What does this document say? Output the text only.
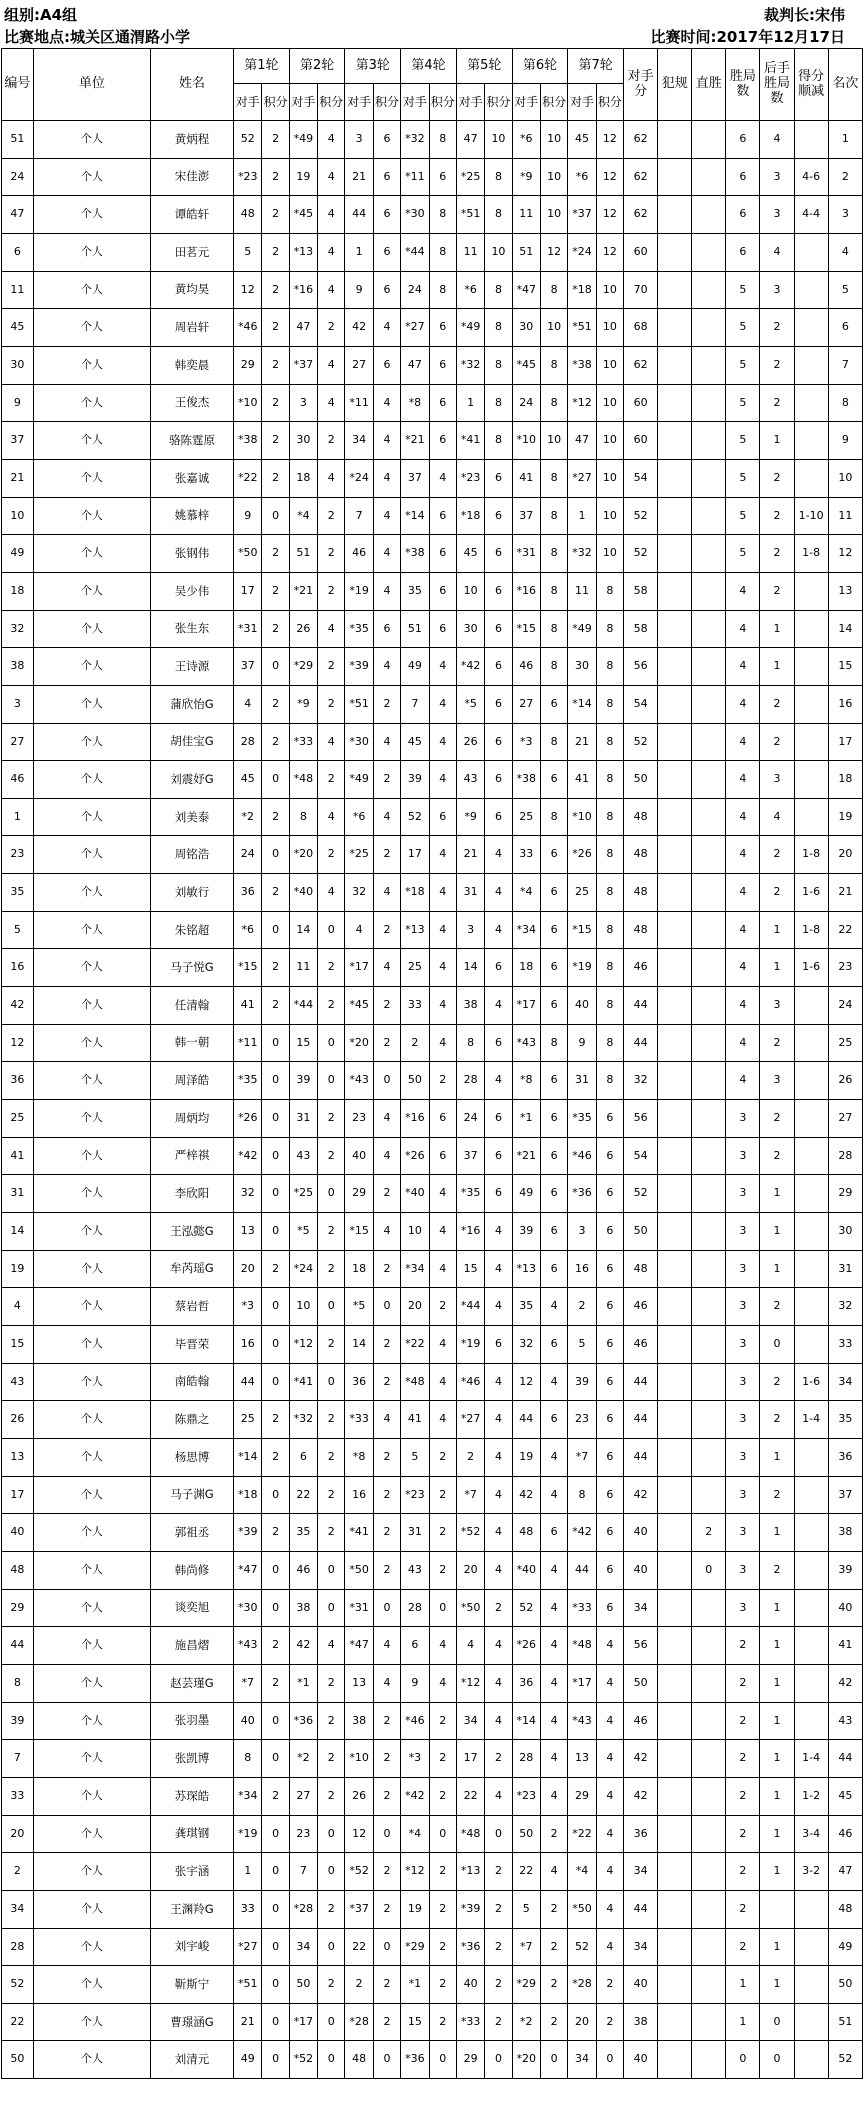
组别:A4组
比赛地点:城关区通渭路小学
裁判长:宋伟
比赛时间:2017年12月17日
编号	单位	姓名	第1轮		第2轮		第3轮		第4轮		第5轮		第6轮		第7轮		对手分	犯规	直胜	胜局数	后手胜局数	得分顺减	名次
			对手	积分	对手	积分	对手	积分	对手	积分	对手	积分	对手	积分	对手	积分							
51	个人	黄炳程	52	2	*49	4	3	6	*32	8	47	10	*6	10	45	12	62			6	4		1
24	个人	宋佳澎	*23	2	19	4	21	6	*11	6	*25	8	*9	10	*6	12	62			6	3	4-6	2
47	个人	谭皓轩	48	2	*45	4	44	6	*30	8	*51	8	11	10	*37	12	62			6	3	4-4	3
6	个人	田茗元	5	2	*13	4	1	6	*44	8	11	10	51	12	*24	12	60			6	4		4
11	个人	黄均昊	12	2	*16	4	9	6	24	8	*6	8	*47	8	*18	10	70			5	3		5
45	个人	周岩轩	*46	2	47	2	42	4	*27	6	*49	8	30	10	*51	10	68			5	2		6
30	个人	韩奕晨	29	2	*37	4	27	6	47	6	*32	8	*45	8	*38	10	62			5	2		7
9	个人	王俊杰	*10	2	3	4	*11	4	*8	6	1	8	24	8	*12	10	60			5	2		8
37	个人	骆陈霆原	*38	2	30	2	34	4	*21	6	*41	8	*10	10	47	10	60			5	1		9
21	个人	张嘉诚	*22	2	18	4	*24	4	37	4	*23	6	41	8	*27	10	54			5	2		10
10	个人	姚慕梓	9	0	*4	2	7	4	*14	6	*18	6	37	8	1	10	52			5	2	1-10	11
49	个人	张钢伟	*50	2	51	2	46	4	*38	6	45	6	*31	8	*32	10	52			5	2	1-8	12
18	个人	吴少伟	17	2	*21	2	*19	4	35	6	10	6	*16	8	11	8	58			4	2		13
32	个人	张生东	*31	2	26	4	*35	6	51	6	30	6	*15	8	*49	8	58			4	1		14
38	个人	王诗源	37	0	*29	2	*39	4	49	4	*42	6	46	8	30	8	56			4	1		15
3	个人	蒲欣怡G	4	2	*9	2	*51	2	7	4	*5	6	27	6	*14	8	54			4	2		16
27	个人	胡佳宝G	28	2	*33	4	*30	4	45	4	26	6	*3	8	21	8	52			4	2		17
46	个人	刘震妤G	45	0	*48	2	*49	2	39	4	43	6	*38	6	41	8	50			4	3		18
1	个人	刘美泰	*2	2	8	4	*6	4	52	6	*9	6	25	8	*10	8	48			4	4		19
23	个人	周铭浩	24	0	*20	2	*25	2	17	4	21	4	33	6	*26	8	48			4	2	1-8	20
35	个人	刘敏行	36	2	*40	4	32	4	*18	4	31	4	*4	6	25	8	48			4	2	1-6	21
5	个人	朱铭超	*6	0	14	0	4	2	*13	4	3	4	*34	6	*15	8	48			4	1	1-8	22
16	个人	马子悦G	*15	2	11	2	*17	4	25	4	14	6	18	6	*19	8	46			4	1	1-6	23
42	个人	任清翰	41	2	*44	2	*45	2	33	4	38	4	*17	6	40	8	44			4	3		24
12	个人	韩一朝	*11	0	15	0	*20	2	2	4	8	6	*43	8	9	8	44			4	2		25
36	个人	周泽皓	*35	0	39	0	*43	0	50	2	28	4	*8	6	31	8	32			4	3		26
25	个人	周炳均	*26	0	31	2	23	4	*16	6	24	6	*1	6	*35	6	56			3	2		27
41	个人	严梓祺	*42	0	43	2	40	4	*26	6	37	6	*21	6	*46	6	54			3	2		28
31	个人	李欣阳	32	0	*25	0	29	2	*40	4	*35	6	49	6	*36	6	52			3	1		29
14	个人	王泓懿G	13	0	*5	2	*15	4	10	4	*16	4	39	6	3	6	50			3	1		30
19	个人	牟芮瑶G	20	2	*24	2	18	2	*34	4	15	4	*13	6	16	6	48			3	1		31
4	个人	蔡岩哲	*3	0	10	0	*5	0	20	2	*44	4	35	4	2	6	46			3	2		32
15	个人	毕晋荣	16	0	*12	2	14	2	*22	4	*19	6	32	6	5	6	46			3	0		33
43	个人	南皓翰	44	0	*41	0	36	2	*48	4	*46	4	12	4	39	6	44			3	2	1-6	34
26	个人	陈鼎之	25	2	*32	2	*33	4	41	4	*27	4	44	6	23	6	44			3	2	1-4	35
13	个人	杨思博	*14	2	6	2	*8	2	5	2	2	4	19	4	*7	6	44			3	1		36
17	个人	马子渊G	*18	0	22	2	16	2	*23	2	*7	4	42	4	8	6	42			3	2		37
40	个人	郭祖丞	*39	2	35	2	*41	2	31	2	*52	4	48	6	*42	6	40		2	3	1		38
48	个人	韩尚修	*47	0	46	0	*50	2	43	2	20	4	*40	4	44	6	40		0	3	2		39
29	个人	谈奕旭	*30	0	38	0	*31	0	28	0	*50	2	52	4	*33	6	34			3	1		40
44	个人	施昌熠	*43	2	42	4	*47	4	6	4	4	4	*26	4	*48	4	56			2	1		41
8	个人	赵芸瑾G	*7	2	*1	2	13	4	9	4	*12	4	36	4	*17	4	50			2	1		42
39	个人	张羽墨	40	0	*36	2	38	2	*46	2	34	4	*14	4	*43	4	46			2	1		43
7	个人	张凯博	8	0	*2	2	*10	2	*3	2	17	2	28	4	13	4	42			2	1	1-4	44
33	个人	苏琛皓	*34	2	27	2	26	2	*42	2	22	4	*23	4	29	4	42			2	1	1-2	45
20	个人	龚琪钢	*19	0	23	0	12	0	*4	0	*48	0	50	2	*22	4	36			2	1	3-4	46
2	个人	张宇涵	1	0	7	0	*52	2	*12	2	*13	2	22	4	*4	4	34			2	1	3-2	47
34	个人	王渊羚G	33	0	*28	2	*37	2	19	2	*39	2	5	2	*50	4	44			2			48
28	个人	刘宇峻	*27	0	34	0	22	0	*29	2	*36	2	*7	2	52	4	34			2	1		49
52	个人	靳斯宁	*51	0	50	2	2	2	*1	2	40	2	*29	2	*28	2	40			1	1		50
22	个人	曹璟涵G	21	0	*17	0	*28	2	15	2	*33	2	*2	2	20	2	38			1	0		51
50	个人	刘清元	49	0	*52	0	48	0	*36	0	29	0	*20	0	34	0	40			0	0		52
